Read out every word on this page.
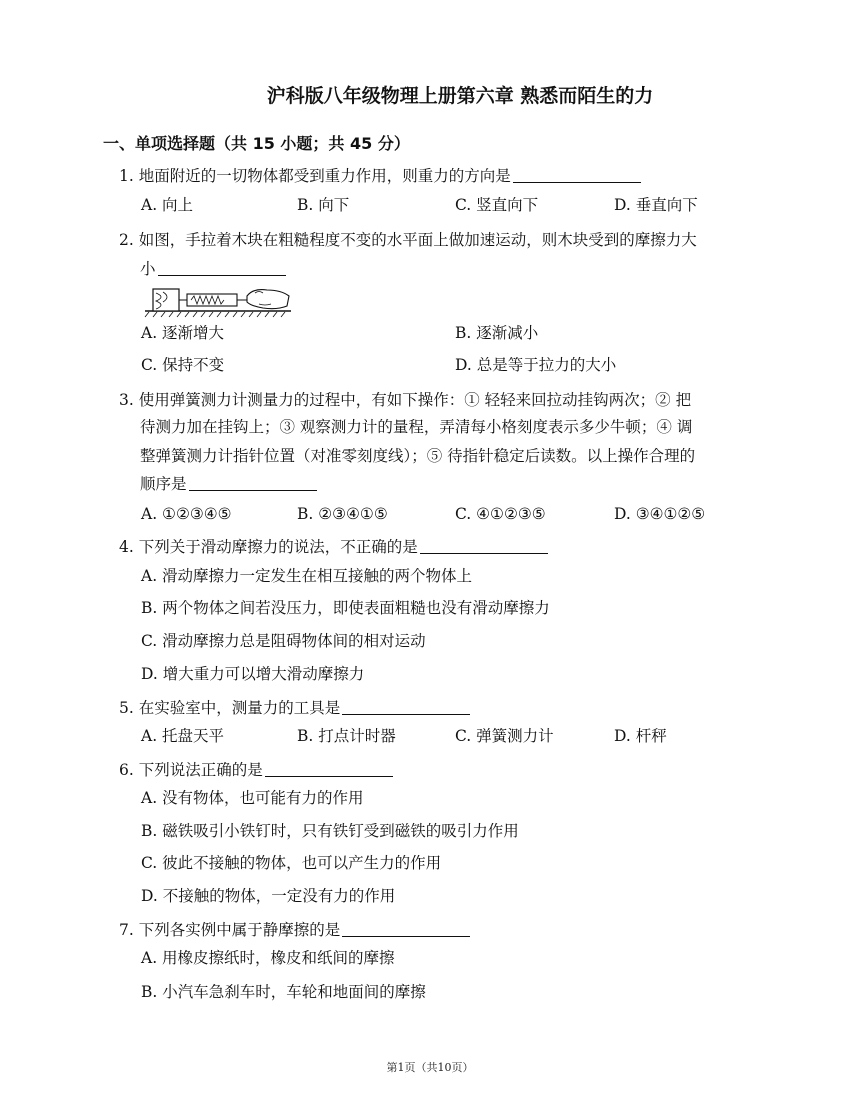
沪科版八年级物理上册第六章 熟悉而陌生的力
一、单项选择题（共 15 小题；共 45 分）
1. 地面附近的一切物体都受到重力作用，则重力的方向是
A. 向上	B. 向下	C. 竖直向下	D. 垂直向下
2. 如图，手拉着木块在粗糙程度不变的水平面上做加速运动，则木块受到的摩擦力大
小
A. 逐渐增大	B. 逐渐减小
C. 保持不变	D. 总是等于拉力的大小
3. 使用弹簧测力计测量力的过程中，有如下操作：① 轻轻来回拉动挂钩两次；② 把
待测力加在挂钩上；③ 观察测力计的量程，弄清每小格刻度表示多少牛顿；④ 调
整弹簧测力计指针位置（对准零刻度线）；⑤ 待指针稳定后读数。以上操作合理的
顺序是
A. ①②③④⑤	B. ②③④①⑤	C. ④①②③⑤	D. ③④①②⑤
4. 下列关于滑动摩擦力的说法，不正确的是
A. 滑动摩擦力一定发生在相互接触的两个物体上
B. 两个物体之间若没压力，即使表面粗糙也没有滑动摩擦力
C. 滑动摩擦力总是阻碍物体间的相对运动
D. 增大重力可以增大滑动摩擦力
5. 在实验室中，测量力的工具是
A. 托盘天平	B. 打点计时器	C. 弹簧测力计	D. 杆秤
6. 下列说法正确的是
A. 没有物体，也可能有力的作用
B. 磁铁吸引小铁钉时，只有铁钉受到磁铁的吸引力作用
C. 彼此不接触的物体，也可以产生力的作用
D. 不接触的物体，一定没有力的作用
7. 下列各实例中属于静摩擦的是
A. 用橡皮擦纸时，橡皮和纸间的摩擦
B. 小汽车急刹车时，车轮和地面间的摩擦
第1页（共10页）
